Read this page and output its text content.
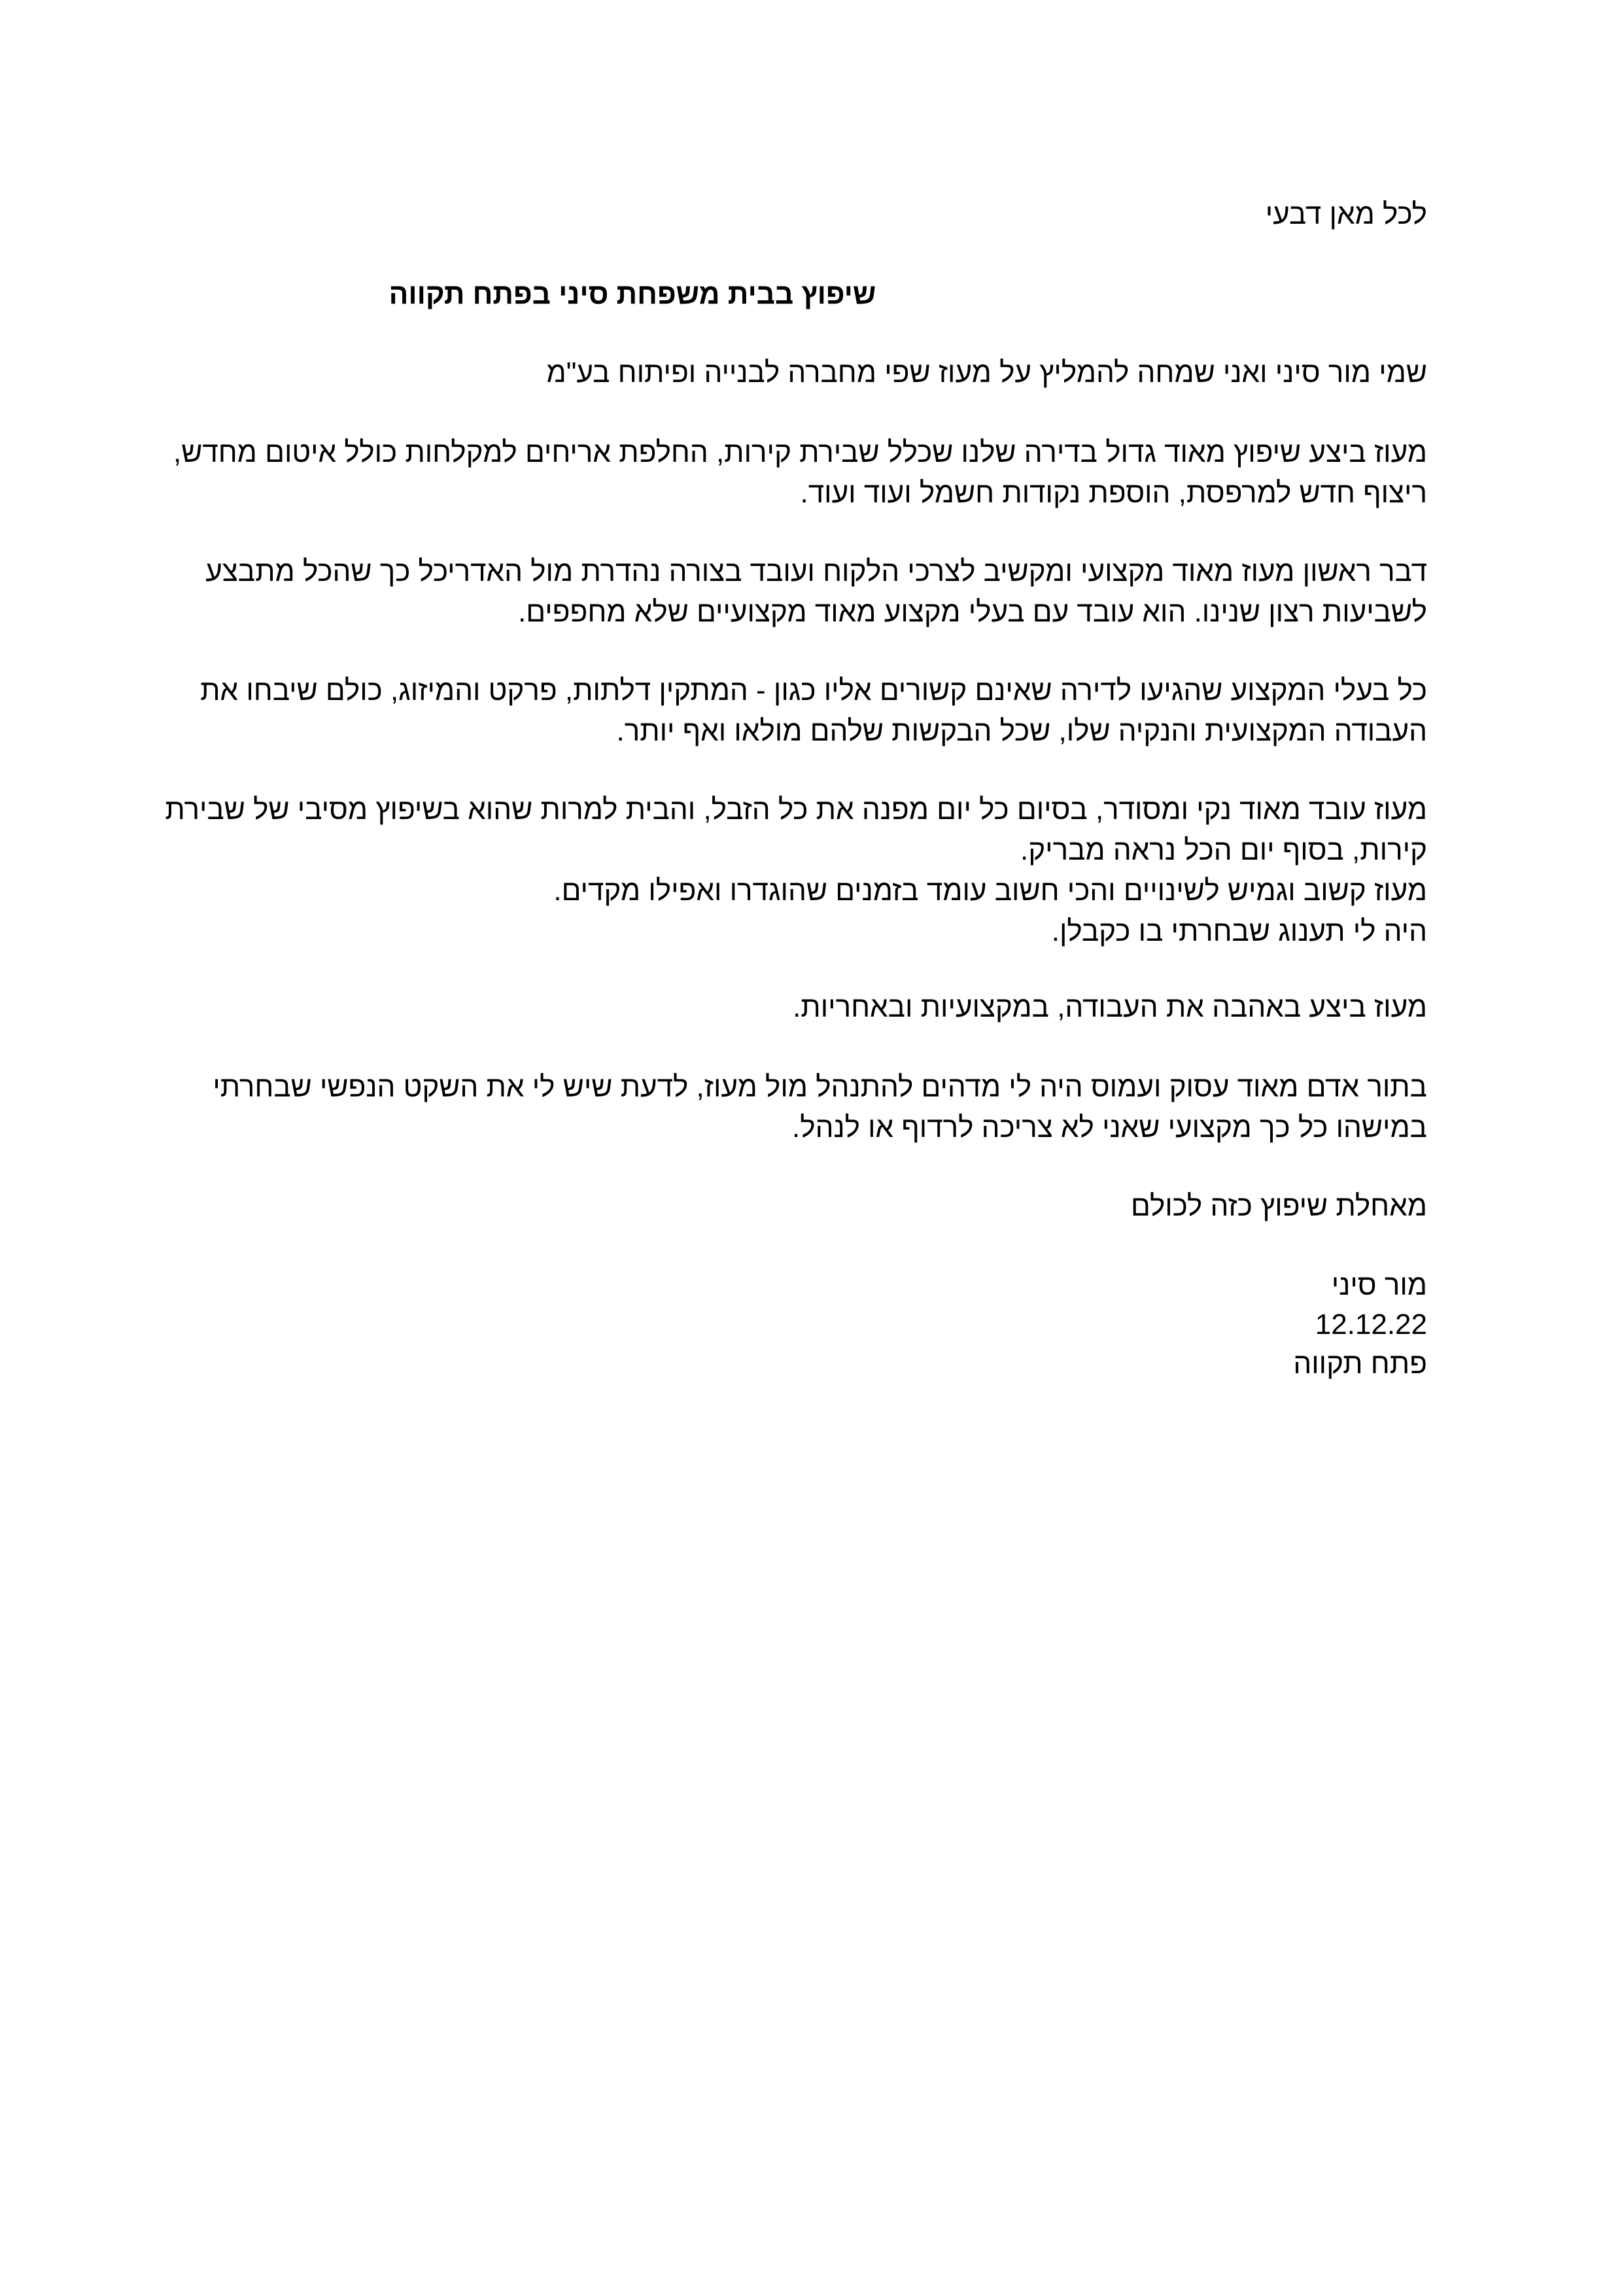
לכל מאן דבעי
שיפוץ בבית משפחת סיני בפתח תקווה

שמי מור סיני ואני שמחה להמליץ על מעוז שפי מחברה לבנייה ופיתוח בע"מ

מעוז ביצע שיפוץ מאוד גדול בדירה שלנו שכלל שבירת קירות, החלפת אריחים למקלחות כולל איטום מחדש,
ריצוף חדש למרפסת, הוספת נקודות חשמל ועוד ועוד.

דבר ראשון מעוז מאוד מקצועי ומקשיב לצרכי הלקוח ועובד בצורה נהדרת מול האדריכל כך שהכל מתבצע
לשביעות רצון שנינו. הוא עובד עם בעלי מקצוע מאוד מקצועיים שלא מחפפים.

כל בעלי המקצוע שהגיעו לדירה שאינם קשורים אליו כגון - המתקין דלתות, פרקט והמיזוג, כולם שיבחו את
העבודה המקצועית והנקיה שלו, שכל הבקשות שלהם מולאו ואף יותר.

מעוז עובד מאוד נקי ומסודר, בסיום כל יום מפנה את כל הזבל, והבית למרות שהוא בשיפוץ מסיבי של שבירת
קירות, בסוף יום הכל נראה מבריק.
מעוז קשוב וגמיש לשינויים והכי חשוב עומד בזמנים שהוגדרו ואפילו מקדים.
היה לי תענוג שבחרתי בו כקבלן.

מעוז ביצע באהבה את העבודה, במקצועיות ובאחריות.

בתור אדם מאוד עסוק ועמוס היה לי מדהים להתנהל מול מעוז, לדעת שיש לי את השקט הנפשי שבחרתי
במישהו כל כך מקצועי שאני לא צריכה לרדוף או לנהל.

מאחלת שיפוץ כזה לכולם

מור סיני
12.12.22
פתח תקווה
